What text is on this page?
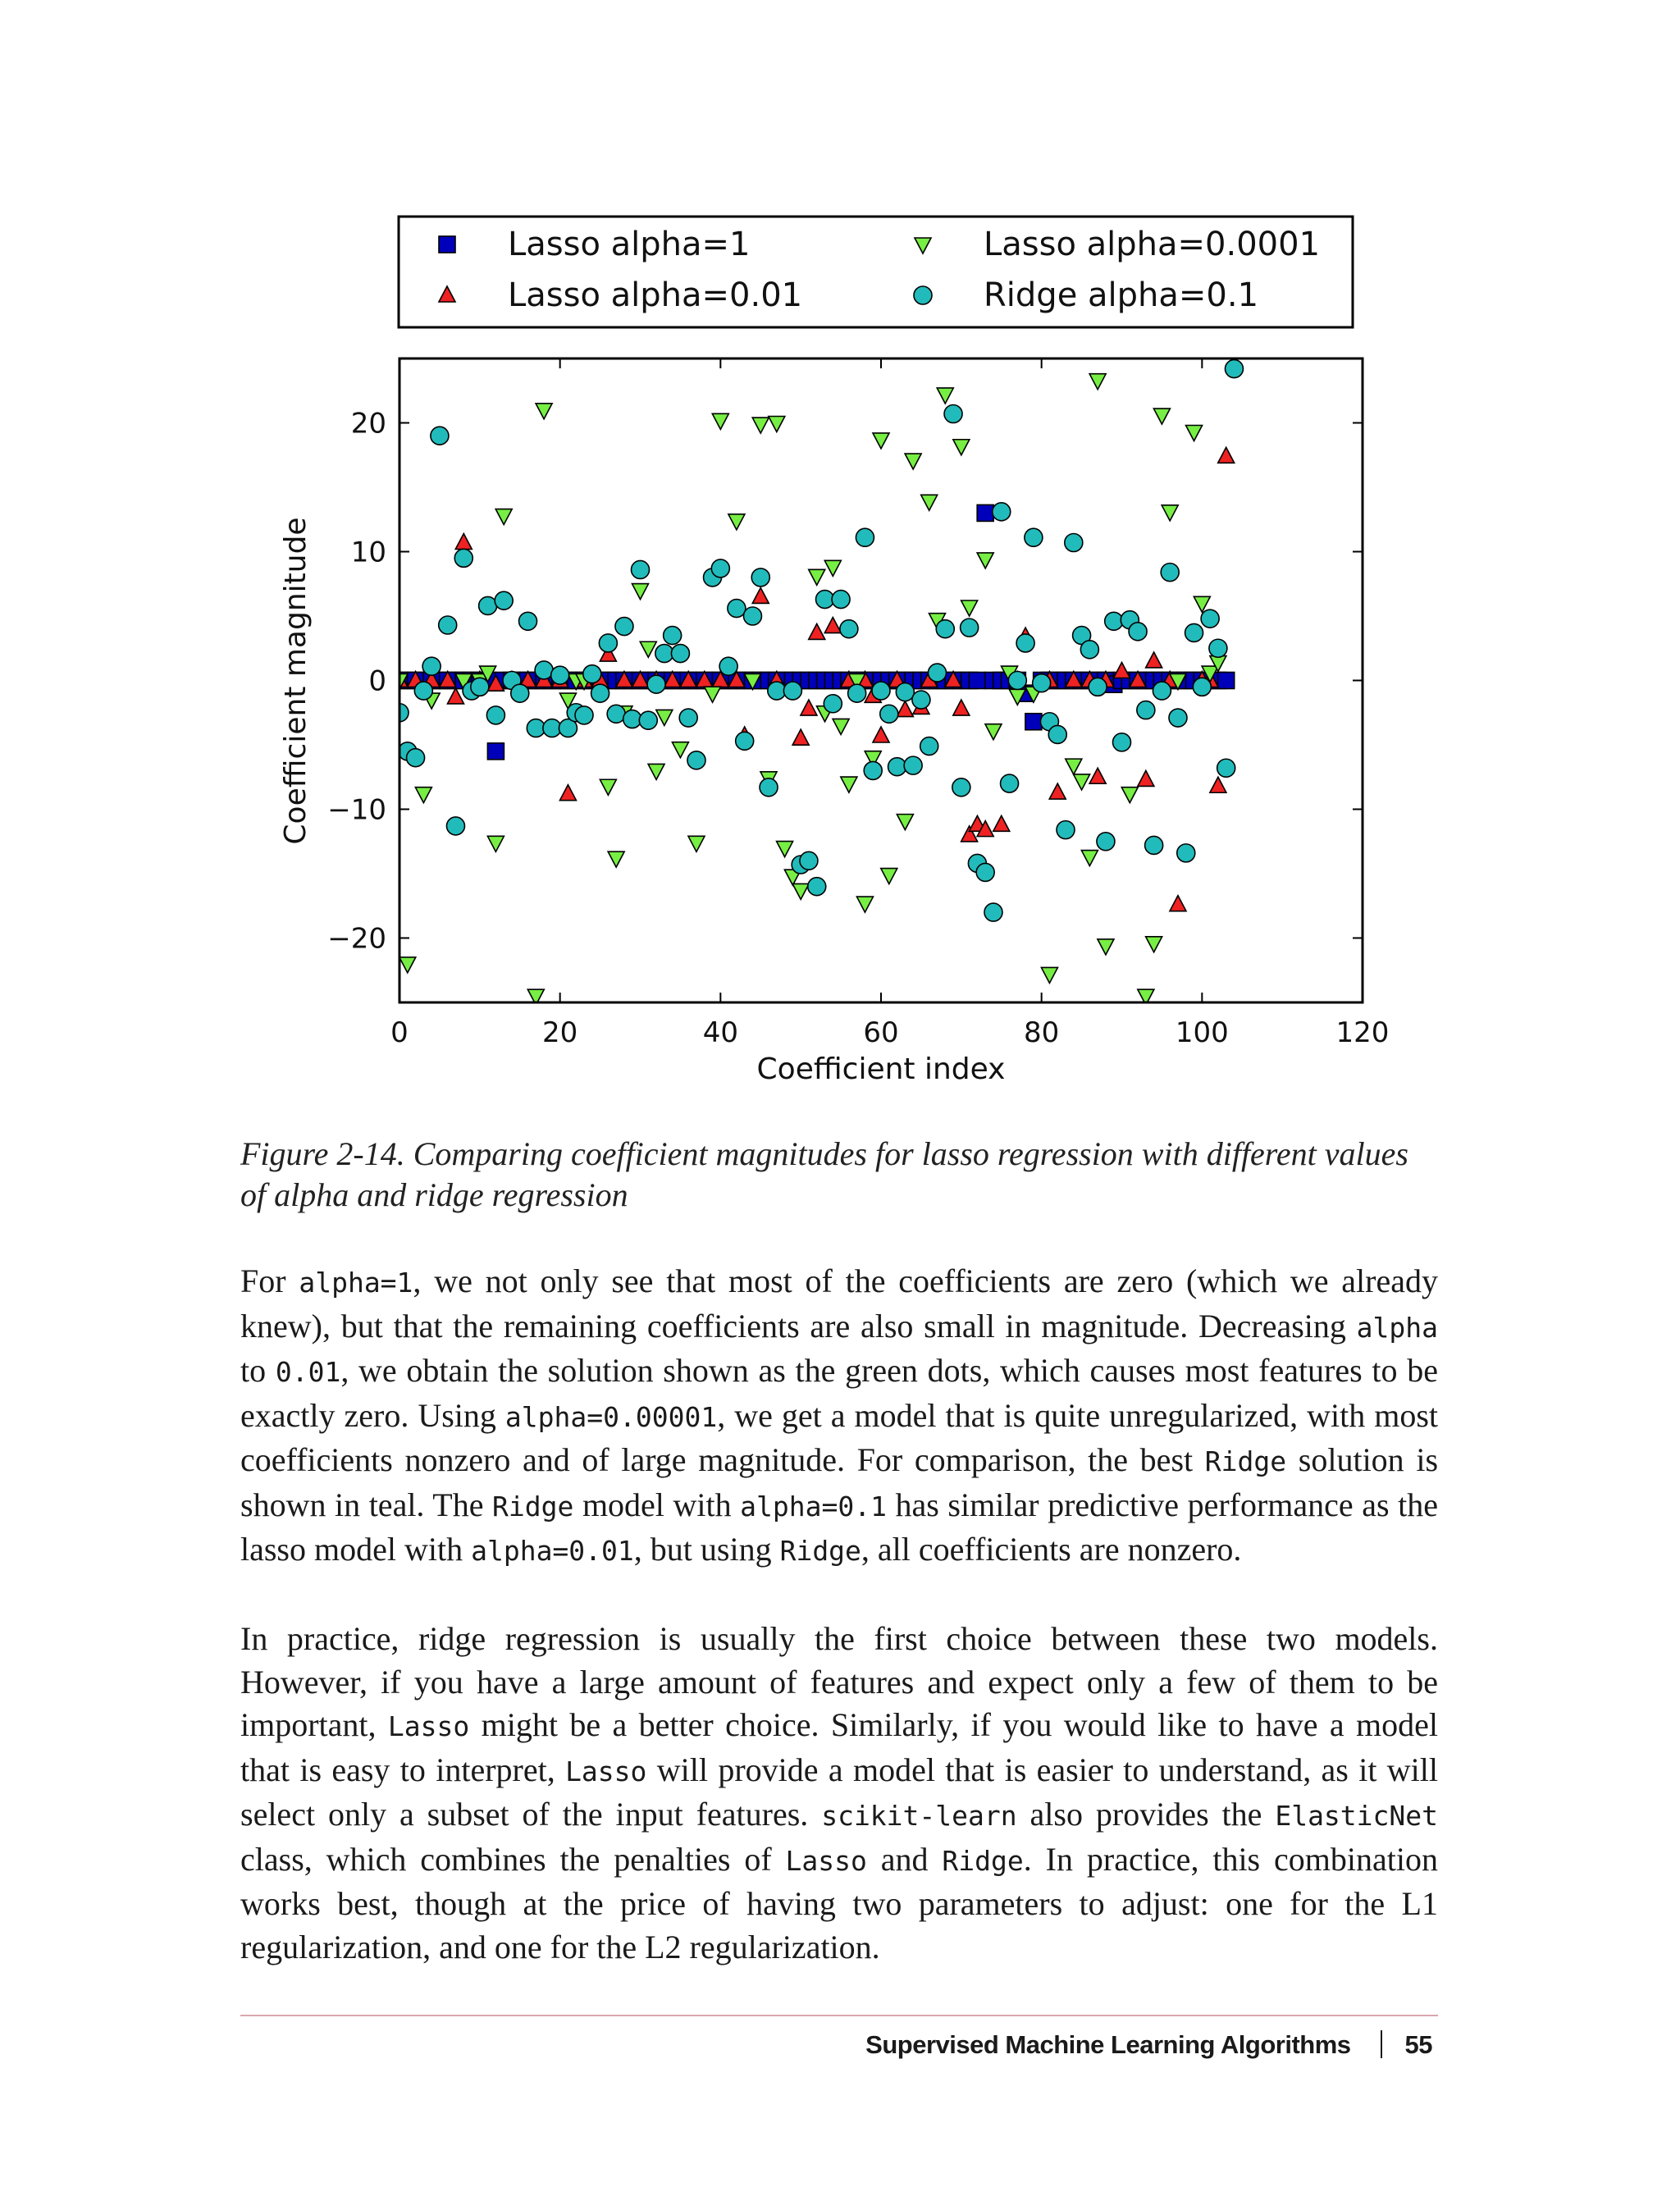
Lasso alpha=1
Lasso alpha=0.01
Lasso alpha=0.0001
Ridge alpha=0.1
0	20	40	60	80	100	120
−20
−10
0
10
20
Coefficient index
Coefficient magnitude
Figure 2-14. Comparing coefficient magnitudes for lasso regression with different values of alpha and ridge regression

For alpha=1, we not only see that most of the coefficients are zero (which we already knew), but that the remaining coefficients are also small in magnitude. Decreasing alpha to 0.01, we obtain the solution shown as the green dots, which causes most features to be exactly zero. Using alpha=0.00001, we get a model that is quite unregularized, with most coefficients nonzero and of large magnitude. For comparison, the best Ridge solution is shown in teal. The Ridge model with alpha=0.1 has similar predictive performance as the lasso model with alpha=0.01, but using Ridge, all coefficients are nonzero.

In practice, ridge regression is usually the first choice between these two models. However, if you have a large amount of features and expect only a few of them to be important, Lasso might be a better choice. Similarly, if you would like to have a model that is easy to interpret, Lasso will provide a model that is easier to understand, as it will select only a subset of the input features. scikit-learn also provides the ElasticNet class, which combines the penalties of Lasso and Ridge. In practice, this combination works best, though at the price of having two parameters to adjust: one for the L1 regularization, and one for the L2 regularization.

Supervised Machine Learning Algorithms 55
